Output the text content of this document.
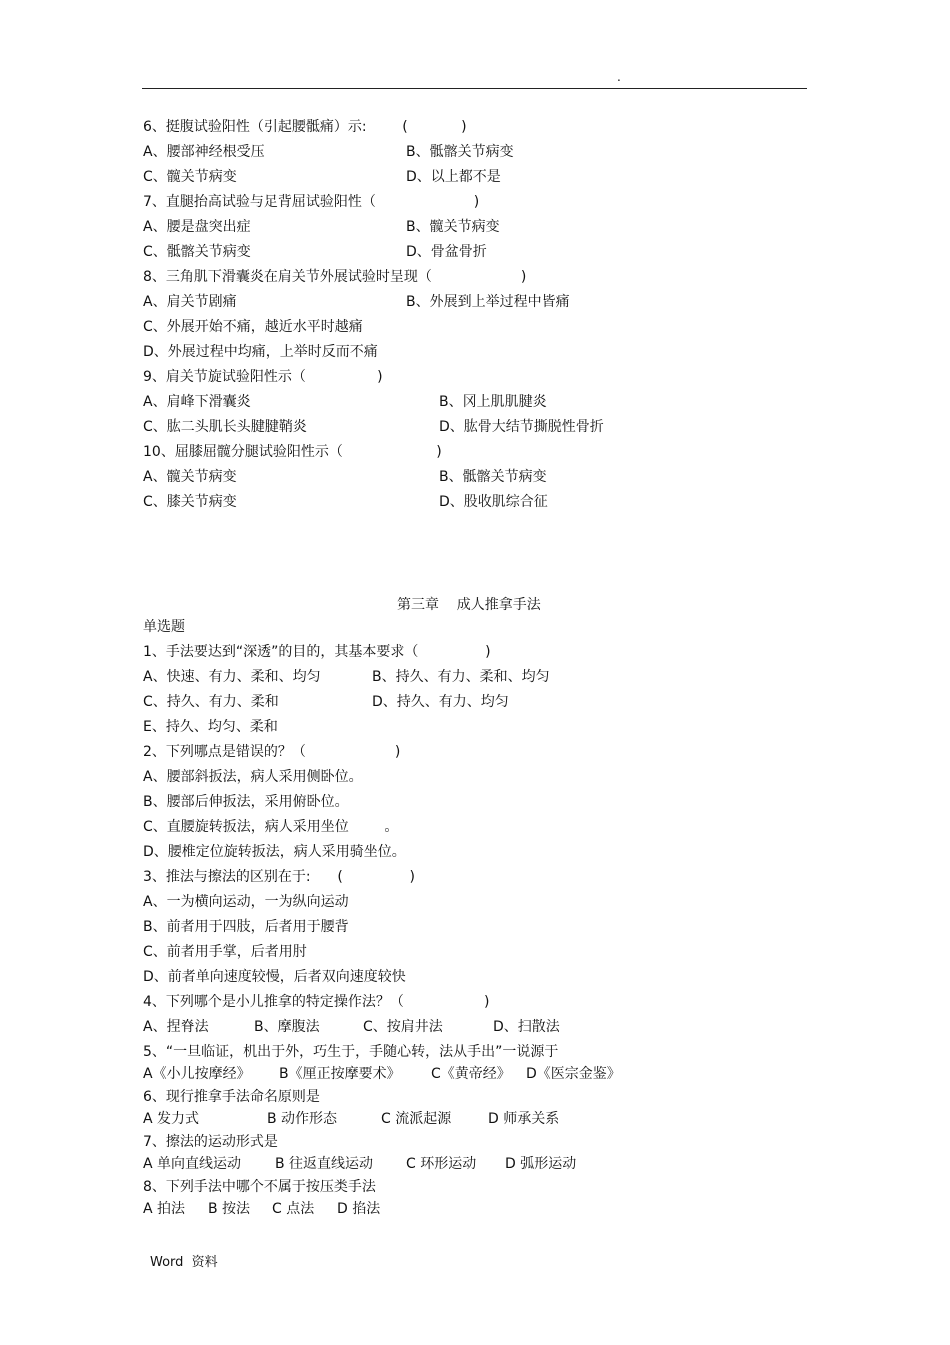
.
6、挺腹试验阳性（引起腰骶痛）示:        (            )
A、腰部神经根受压	B、骶髂关节病变
C、髋关节病变	D、以上都不是
7、直腿抬高试验与足背屈试验阳性（                      )
A、腰是盘突出症	B、髋关节病变
C、骶髂关节病变	D、骨盆骨折
8、三角肌下滑囊炎在肩关节外展试验时呈现（                    )
A、肩关节剧痛	B、外展到上举过程中皆痛
C、外展开始不痛，越近水平时越痛
D、外展过程中均痛，上举时反而不痛
9、肩关节旋试验阳性示（                )
A、肩峰下滑囊炎	B、冈上肌肌腱炎
C、肱二头肌长头腱腱鞘炎	D、肱骨大结节撕脱性骨折
10、屈膝屈髋分腿试验阳性示（                     )
A、髋关节病变	B、骶髂关节病变
C、膝关节病变	D、股收肌综合征
第三章    成人推拿手法
单选题
1、手法要达到“深透”的目的，其基本要求（               )
A、快速、有力、柔和、均匀	B、持久、有力、柔和、均匀
C、持久、有力、柔和	D、持久、有力、均匀
E、持久、均匀、柔和
2、下列哪点是错误的？（                    )
A、腰部斜扳法，病人采用侧卧位。
B、腰部后伸扳法，采用俯卧位。
C、直腰旋转扳法，病人采用坐位        。
D、腰椎定位旋转扳法，病人采用骑坐位。
3、推法与擦法的区别在于:      (               )
A、一为横向运动，一为纵向运动
B、前者用于四肢，后者用于腰背
C、前者用手掌，后者用肘
D、前者单向速度较慢，后者双向速度较快
4、下列哪个是小儿推拿的特定操作法？（                  )
A、捏脊法	B、摩腹法	C、按肩井法	D、扫散法
5、“一旦临证，机出于外，巧生于，手随心转，法从手出”一说源于
A《小儿按摩经》 B《厘正按摩要术》 C《黄帝经》 D《医宗金鉴》
6、现行推拿手法命名原则是
A 发力式	B 动作形态	C 流派起源	D 师承关系
7、擦法的运动形式是
A 单向直线运动 B 往返直线运动 C 环形运动 D 弧形运动
8、下列手法中哪个不属于按压类手法
A 拍法 B 按法 C 点法 D 掐法
Word  资料
